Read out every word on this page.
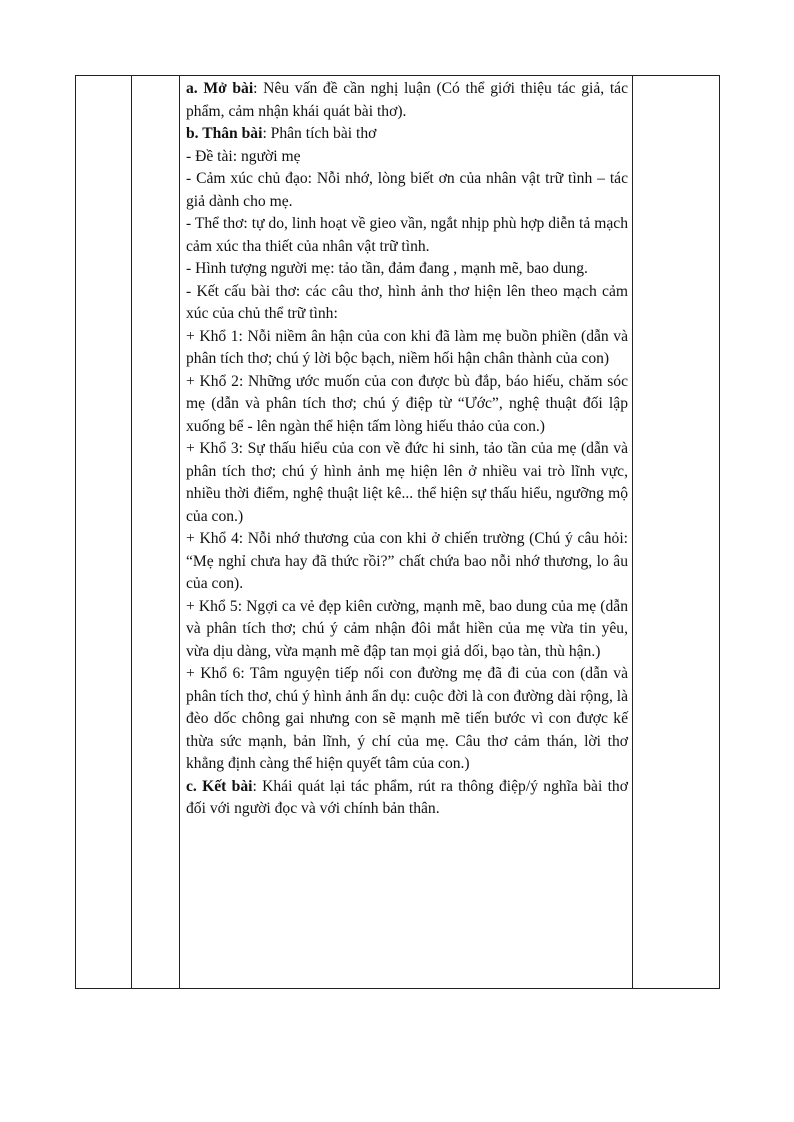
a. Mở bài: Nêu vấn đề cần nghị luận (Có thể giới thiệu tác giả, tác phẩm, cảm nhận khái quát bài thơ).

b. Thân bài: Phân tích bài thơ

- Đề tài: người mẹ

- Cảm xúc chủ đạo: Nỗi nhớ, lòng biết ơn của nhân vật trữ tình – tác giả dành cho mẹ.

- Thể thơ: tự do, linh hoạt về gieo vần, ngắt nhịp phù hợp diễn tả mạch cảm xúc tha thiết của nhân vật trữ tình.

- Hình tượng người mẹ: tảo tần, đảm đang , mạnh mẽ, bao dung.

- Kết cấu bài thơ: các câu thơ, hình ảnh thơ hiện lên theo mạch cảm xúc của chủ thể trữ tình:

+ Khổ 1: Nỗi niềm ân hận của con khi đã làm mẹ buồn phiền (dẫn và phân tích thơ; chú ý lời bộc bạch, niềm hối hận chân thành của con)

+ Khổ 2: Những ước muốn của con được bù đắp, báo hiếu, chăm sóc mẹ (dẫn và phân tích thơ; chú ý điệp từ “Ước”, nghệ thuật đối lập xuống bể - lên ngàn thể hiện tấm lòng hiếu thảo của con.)

+ Khổ 3: Sự thấu hiểu của con về đức hi sinh, tảo tần của mẹ (dẫn và phân tích thơ; chú ý hình ảnh mẹ hiện lên ở nhiều vai trò lĩnh vực, nhiều thời điểm, nghệ thuật liệt kê... thể hiện sự thấu hiểu, ngưỡng mộ của con.)

+ Khổ 4: Nỗi nhớ thương của con khi ở chiến trường (Chú ý câu hỏi: “Mẹ nghỉ chưa hay đã thức rồi?” chất chứa bao nỗi nhớ thương, lo âu của con).

+ Khổ 5: Ngợi ca vẻ đẹp kiên cường, mạnh mẽ, bao dung của mẹ (dẫn và phân tích thơ; chú ý cảm nhận đôi mắt hiền của mẹ vừa tin yêu, vừa dịu dàng, vừa mạnh mẽ đập tan mọi giả dối, bạo tàn, thù hận.)

+ Khổ 6: Tâm nguyện tiếp nối con đường mẹ đã đi của con (dẫn và phân tích thơ, chú ý hình ảnh ẩn dụ: cuộc đời là con đường dài rộng, là đèo dốc chông gai nhưng con sẽ mạnh mẽ tiến bước vì con được kế thừa sức mạnh, bản lĩnh, ý chí của mẹ. Câu thơ cảm thán, lời thơ khẳng định càng thể hiện quyết tâm của con.)

c. Kết bài: Khái quát lại tác phẩm, rút ra thông điệp/ý nghĩa bài thơ đối với người đọc và với chính bản thân.
